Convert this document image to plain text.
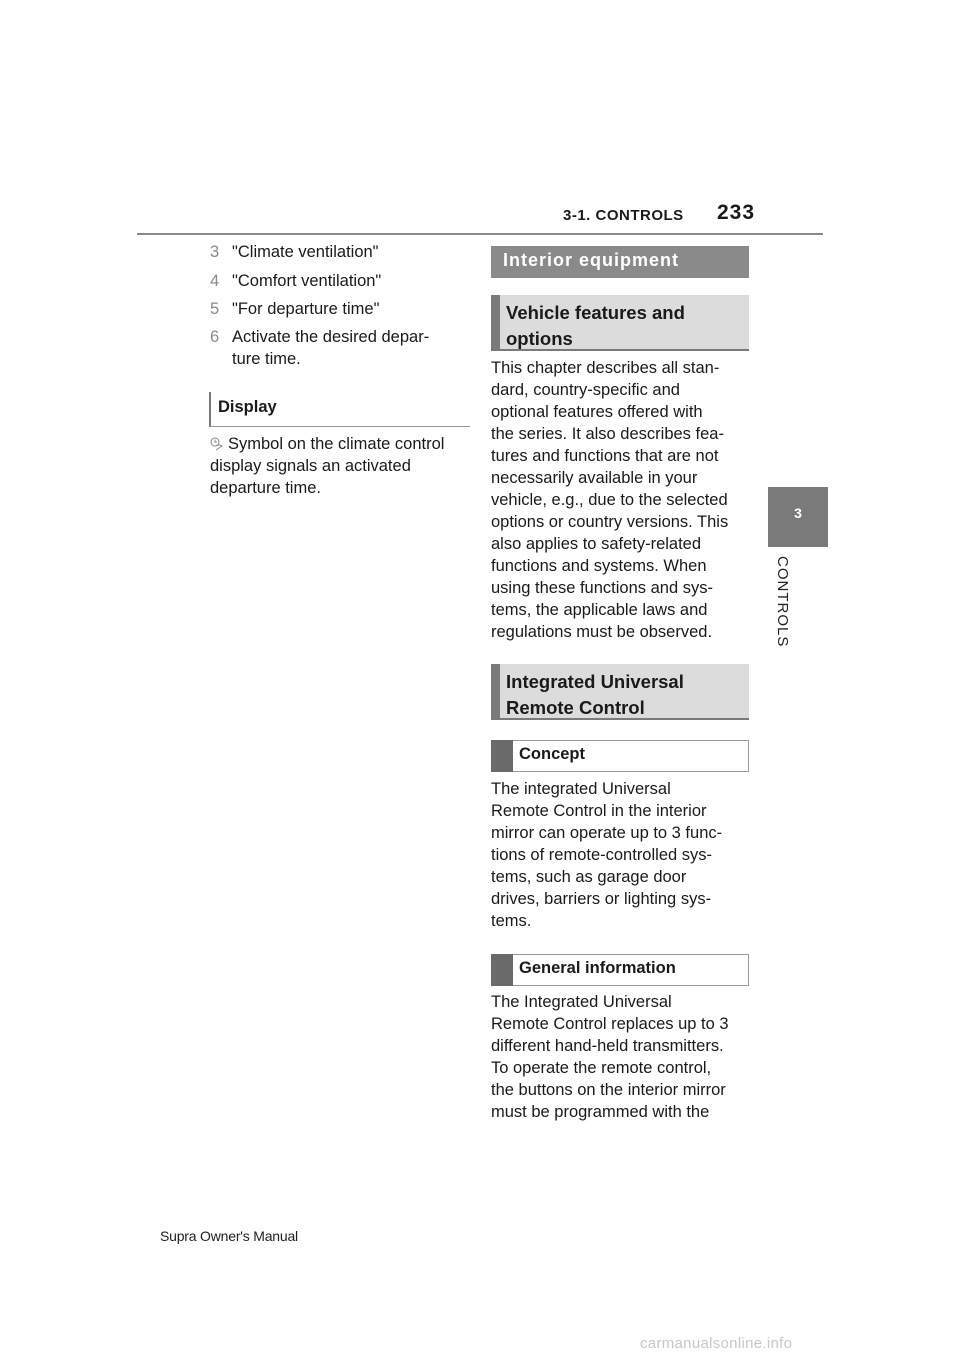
3-1. CONTROLS 233
3
CONTROLS
3 "Climate ventilation"
4 "Comfort ventilation"
5 "For departure time"
6 Activate the desired depar-
ture time.
Display
Symbol on the climate control
display signals an activated
departure time.
Interior equipment
Vehicle features and
options
This chapter describes all stan-
dard, country-specific and
optional features offered with
the series. It also describes fea-
tures and functions that are not
necessarily available in your
vehicle, e.g., due to the selected
options or country versions. This
also applies to safety-related
functions and systems. When
using these functions and sys-
tems, the applicable laws and
regulations must be observed.
Integrated Universal
Remote Control
Concept
The integrated Universal
Remote Control in the interior
mirror can operate up to 3 func-
tions of remote-controlled sys-
tems, such as garage door
drives, barriers or lighting sys-
tems.
General information
The Integrated Universal
Remote Control replaces up to 3
different hand-held transmitters.
To operate the remote control,
the buttons on the interior mirror
must be programmed with the
Supra Owner's Manual
carmanualsonline.info
